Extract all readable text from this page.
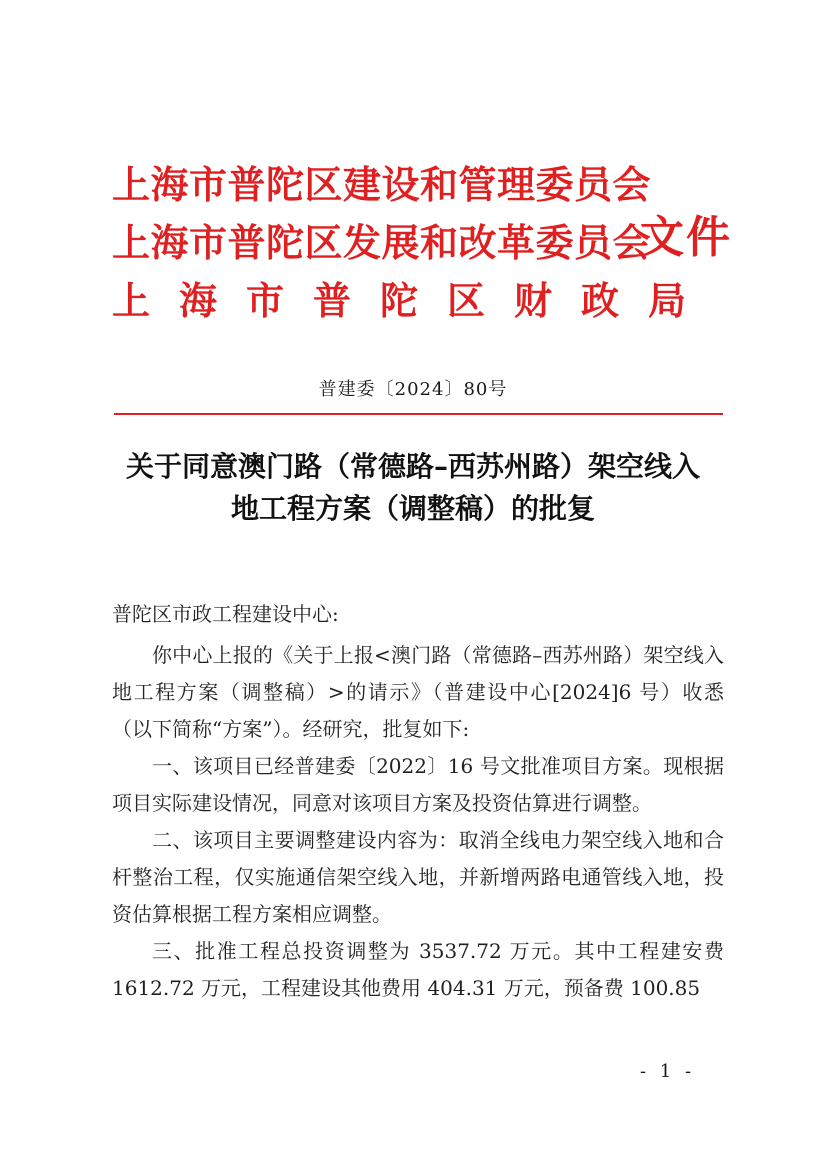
上海市普陀区建设和管理委员会
上海市普陀区发展和改革委员会
上海市普陀区财政局
文件
普建委〔2024〕80号
关于同意澳门路（常德路–西苏州路）架空线入
地工程方案（调整稿）的批复

普陀区市政工程建设中心:

你中心上报的《关于上报<澳门路（常德路–西苏州路）架空线入地工程方案（调整稿）>的请示》（普建设中心[2024]6 号）收悉（以下简称“方案”）。经研究，批复如下:

一、该项目已经普建委〔2022〕16 号文批准项目方案。现根据项目实际建设情况，同意对该项目方案及投资估算进行调整。

二、该项目主要调整建设内容为：取消全线电力架空线入地和合杆整治工程，仅实施通信架空线入地，并新增两路电通管线入地，投资估算根据工程方案相应调整。

三、批准工程总投资调整为 3537.72 万元。其中工程建安费 1612.72 万元，工程建设其他费用 404.31 万元，预备费 100.85

- 1 -
